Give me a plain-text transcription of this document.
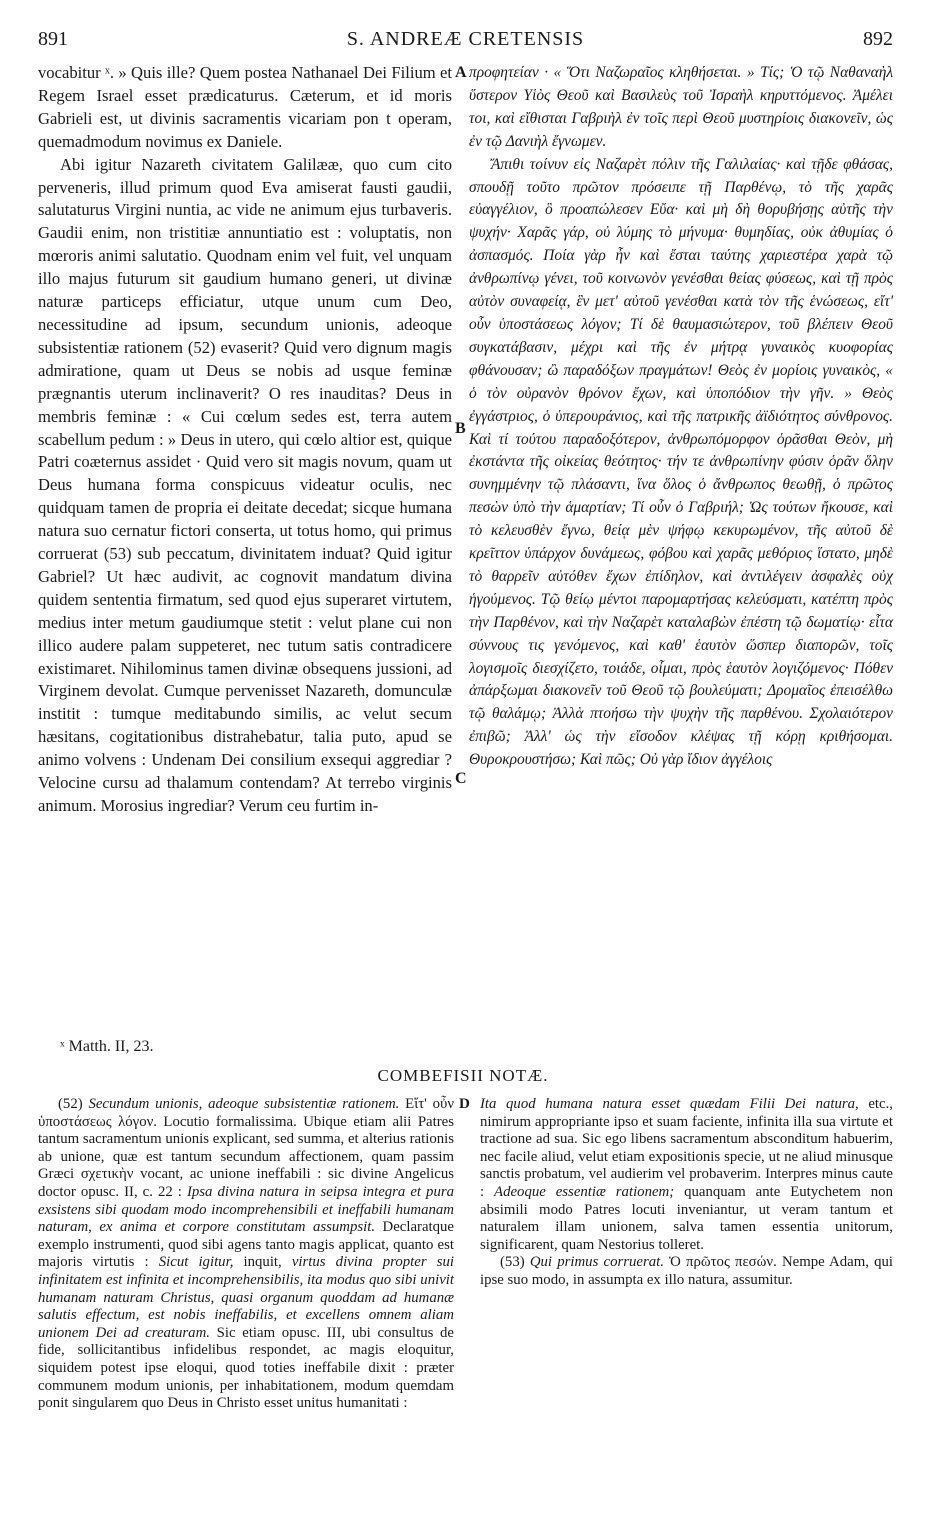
S. ANDREÆ CRETENSIS
891	892

vocabitur ˣ. » Quis ille? Quem postea Nathanael Dei Filium et Regem Israel esset prædicaturus. Cæterum, et id moris Gabrieli est, ut divinis sacramentis vicariam pon t operam, quemadmodum novimus ex Daniele.

Abi igitur Nazareth civitatem Galilææ, quo cum cito perveneris, illud primum quod Eva amiserat fausti gaudii, salutaturus Virgini nuntia, ac vide ne animum ejus turbaveris. Gaudii enim, non tristitiæ annuntiatio est : voluptatis, non mœroris animi salutatio. Quodnam enim vel fuit, vel unquam illo majus futurum sit gaudium humano generi, ut divinæ naturæ particeps efficiatur, utque unum cum Deo, necessitudine ad ipsum, secundum unionis, adeoque subsistentiæ rationem (52) evaserit? Quid vero dignum magis admiratione, quam ut Deus se nobis ad usque feminæ prægnantis uterum inclinaverit? O res inauditas? Deus in membris feminæ : « Cui cœlum sedes est, terra autem scabellum pedum : » Deus in utero, qui cœlo altior est, quique Patri coæternus assidet · Quid vero sit magis novum, quam ut Deus humana forma conspicuus videatur oculis, nec quidquam tamen de propria ei deitate decedat; sicque humana natura suo cernatur fictori conserta, ut totus homo, qui primus corruerat (53) sub peccatum, divinitatem induat? Quid igitur Gabriel? Ut hæc audivit, ac cognovit mandatum divina quidem sententia firmatum, sed quod ejus superaret virtutem, medius inter metum gaudiumque stetit : velut plane cui non illico audere palam suppeteret, nec tutum satis contradicere existimaret. Nihilominus tamen divinæ obsequens jussioni, ad Virginem devolat. Cumque pervenisset Nazareth, domunculæ institit : tumque meditabundo similis, ac velut secum hæsitans, cogitationibus distrahebatur, talia puto, apud se animo volvens : Undenam Dei consilium exsequi aggrediar ? Velocine cursu ad thalamum contendam? At terrebo virginis animum. Morosius ingrediar? Verum ceu furtim in-

A
B
C

προφητείαν · « Ὅτι Ναζωραῖος κληθήσεται. » Τίς; Ὁ τῷ Ναθαναὴλ ὕστερον Υἱὸς Θεοῦ καὶ Βασιλεὺς τοῦ Ἰσραὴλ κηρυττόμενος. Ἀμέλει τοι, καὶ εἴθισται Γαβριὴλ ἐν τοῖς περὶ Θεοῦ μυστηρίοις διακονεῖν, ὡς ἐν τῷ Δανιὴλ ἔγνωμεν.

Ἄπιθι τοίνυν εἰς Ναζαρὲτ πόλιν τῆς Γαλιλαίας· καὶ τῇδε φθάσας, σπουδῇ τοῦτο πρῶτον πρόσειπε τῇ Παρθένῳ, τὸ τῆς χαρᾶς εὐαγγέλιον, ὃ προαπώλεσεν Εὔα· καὶ μὴ δὴ θορυβήσῃς αὐτῆς τὴν ψυχήν· Χαρᾶς γάρ, οὐ λύμης τὸ μήνυμα· θυμηδίας, οὐκ ἀθυμίας ὁ ἀσπασμός. Ποία γὰρ ἦν καὶ ἔσται ταύτης χαριεστέρα χαρὰ τῷ ἀνθρωπίνῳ γένει, τοῦ κοινωνὸν γενέσθαι θείας φύσεως, καὶ τῇ πρὸς αὐτὸν συναφείᾳ, ἓν μετ' αὐτοῦ γενέσθαι κατὰ τὸν τῆς ἑνώσεως, εἴτ' οὖν ὑποστάσεως λόγον; Τί δὲ θαυμασιώτερον, τοῦ βλέπειν Θεοῦ συγκατάβασιν, μέχρι καὶ τῆς ἐν μήτρᾳ γυναικὸς κυοφορίας φθάνουσαν; ὢ παραδόξων πραγμάτων! Θεὸς ἐν μορίοις γυναικὸς, « ὁ τὸν οὐρανὸν θρόνον ἔχων, καὶ ὑποπόδιον τὴν γῆν. » Θεὸς ἐγγάστριος, ὁ ὑπερουράνιος, καὶ τῆς πατρικῆς ἀϊδιότητος σύνθρονος. Καὶ τί τούτου παραδοξότερον, ἀνθρωπόμορφον ὁρᾶσθαι Θεὸν, μὴ ἐκστάντα τῆς οἰκείας θεότητος· τήν τε ἀνθρωπίνην φύσιν ὁρᾶν ὅλην συνημμένην τῷ πλάσαντι, ἵνα ὅλος ὁ ἄνθρωπος θεωθῇ, ὁ πρῶτος πεσὼν ὑπὸ τὴν ἁμαρτίαν; Τί οὖν ὁ Γαβριήλ; Ὡς τούτων ἤκουσε, καὶ τὸ κελευσθὲν ἔγνω, θείᾳ μὲν ψήφῳ κεκυρωμένον, τῆς αὐτοῦ δὲ κρεῖττον ὑπάρχον δυνάμεως, φόβου καὶ χαρᾶς μεθόριος ἵστατο, μηδὲ τὸ θαρρεῖν αὐτόθεν ἔχων ἐπίδηλον, καὶ ἀντιλέγειν ἀσφαλὲς οὐχ ἡγούμενος. Τῷ θείῳ μέντοι παρομαρτήσας κελεύσματι, κατέπτη πρὸς τὴν Παρθένον, καὶ τὴν Ναζαρὲτ καταλαβὼν ἐπέστη τῷ δωματίῳ· εἶτα σύννους τις γενόμενος, καὶ καθ' ἑαυτὸν ὥσπερ διαπορῶν, τοῖς λογισμοῖς διεσχίζετο, τοιάδε, οἶμαι, πρὸς ἑαυτὸν λογιζόμενος· Πόθεν ἀπάρξωμαι διακονεῖν τοῦ Θεοῦ τῷ βουλεύματι; Δρομαῖος ἐπεισέλθω τῷ θαλάμῳ; Ἀλλὰ πτοήσω τὴν ψυχὴν τῆς παρθένου. Σχολαιότερον ἐπιβῶ; Ἀλλ' ὡς τὴν εἴσοδον κλέψας τῇ κόρῃ κριθήσομαι. Θυροκρουστήσω; Καὶ πῶς; Οὐ γὰρ ἴδιον ἀγγέλοις

ˣ Matth. II, 23.
COMBEFISII NOTÆ.
D

(52) Secundum unionis, adeoque subsistentiæ rationem. Εἴτ' οὖν ὑποστάσεως λόγον. Locutio formalissima. Ubique etiam alii Patres tantum sacramentum unionis explicant, sed summa, et alterius rationis ab unione, quæ est tantum secundum affectionem, quam passim Græci σχετικὴν vocant, ac unione ineffabili : sic divine Angelicus doctor opusc. II, c. 22 : Ipsa divina natura in seipsa integra et pura exsistens sibi quodam modo incomprehensibili et ineffabili humanam naturam, ex anima et corpore constitutam assumpsit. Declaratque exemplo instrumenti, quod sibi agens tanto magis applicat, quanto est majoris virtutis : Sicut igitur, inquit, virtus divina propter sui infinitatem est infinita et incomprehensibilis, ita modus quo sibi univit humanam naturam Christus, quasi organum quoddam ad humanæ salutis effectum, est nobis ineffabilis, et excellens omnem aliam unionem Dei ad creaturam. Sic etiam opusc. III, ubi consultus de fide, sollicitantibus infidelibus respondet, ac magis eloquitur, siquidem potest ipse eloqui, quod toties ineffabile dixit : præter communem modum unionis, per inhabitationem, modum quemdam ponit singularem quo Deus in Christo esset unitus humanitati :

Ita quod humana natura esset quædam Filii Dei natura, etc., nimirum appropriante ipso et suam faciente, infinita illa sua virtute et tractione ad sua. Sic ego libens sacramentum absconditum habuerim, nec facile aliud, velut etiam expositionis specie, ut ne aliud minusque sanctis probatum, vel audierim vel probaverim. Interpres minus caute : Adeoque essentiæ rationem; quanquam ante Eutychetem non absimili modo Patres locuti inveniantur, ut veram tantum et naturalem illam unionem, salva tamen essentia unitorum, significarent, quam Nestorius tolleret.

(53) Qui primus corruerat. Ὁ πρῶτος πεσών. Nempe Adam, qui ipse suo modo, in assumpta ex illo natura, assumitur.
